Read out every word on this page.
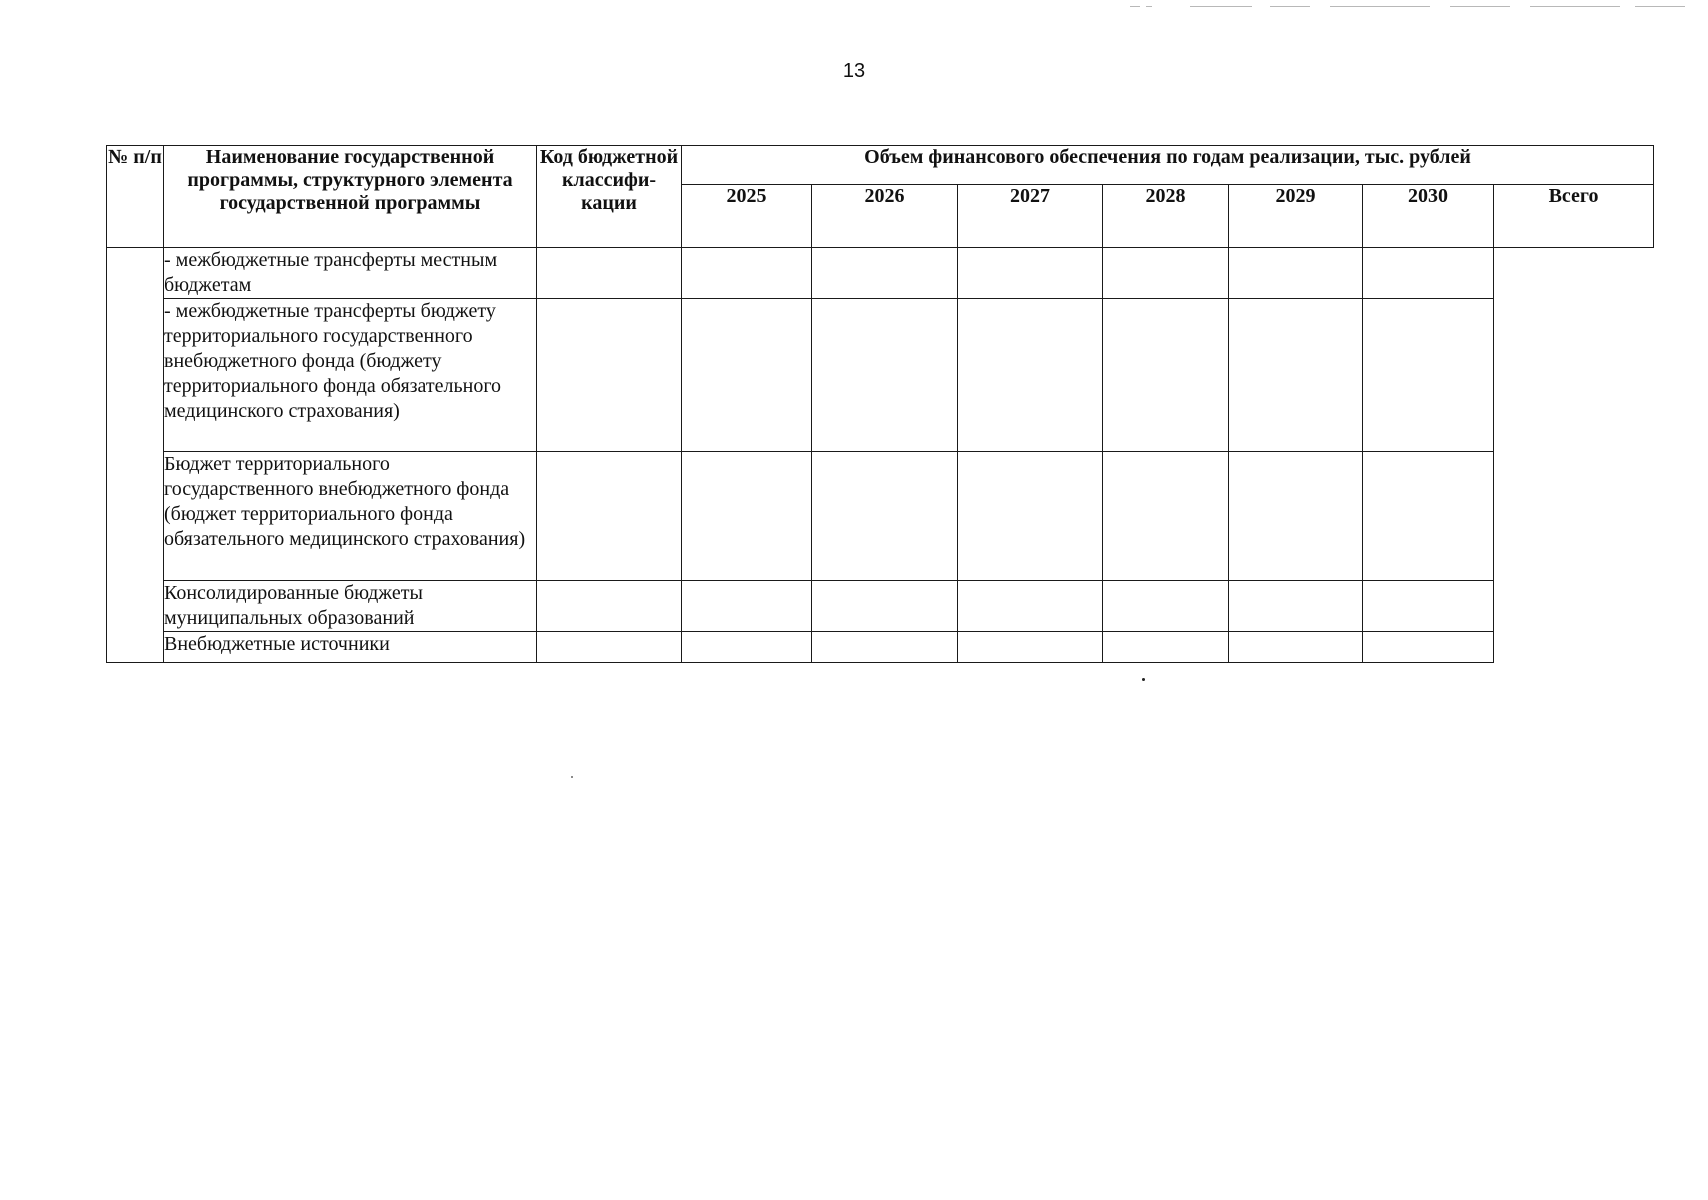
13
№ п/п	Наименование государственной программы, структурного элемента государственной программы	Код бюджетной классифи-кации	Объем финансового обеспечения по годам реализации, тыс. рублей						
			2025	2026	2027	2028	2029	2030	Всего
	- межбюджетные трансферты местным бюджетам								
	- межбюджетные трансферты бюджету территориального государственного внебюджетного фонда (бюджету территориального фонда обязательного медицинского страхования)								
	Бюджет территориального государственного внебюджетного фонда (бюджет территориального фонда обязательного медицинского страхования)								
	Консолидированные бюджеты муниципальных образований								
	Внебюджетные источники								
